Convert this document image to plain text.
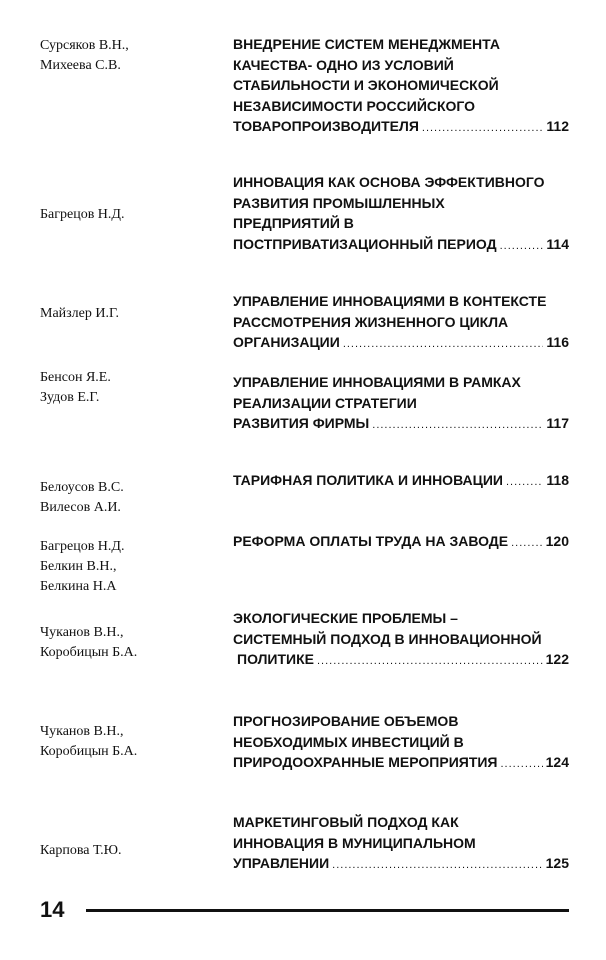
Сурсяков В.Н.,
Михеева С.В.
ВНЕДРЕНИЕ СИСТЕМ МЕНЕДЖМЕНТА
КАЧЕСТВА- ОДНО ИЗ УСЛОВИЙ
СТАБИЛЬНОСТИ И ЭКОНОМИЧЕСКОЙ
НЕЗАВИСИМОСТИ РОССИЙСКОГО
ТОВАРОПРОИЗВОДИТЕЛЯ .....	112
Багрецов Н.Д.
ИННОВАЦИЯ КАК ОСНОВА ЭФФЕКТИВНОГО
РАЗВИТИЯ ПРОМЫШЛЕННЫХ
ПРЕДПРИЯТИЙ В
ПОСТПРИВАТИЗАЦИОННЫЙ ПЕРИОД .....	114
Майзлер И.Г.
УПРАВЛЕНИЕ ИННОВАЦИЯМИ В КОНТЕКСТЕ
РАССМОТРЕНИЯ ЖИЗНЕННОГО ЦИКЛА
ОРГАНИЗАЦИИ .....	116
Бенсон Я.Е.
Зудов Е.Г.
УПРАВЛЕНИЕ ИННОВАЦИЯМИ В РАМКАХ
РЕАЛИЗАЦИИ СТРАТЕГИИ
РАЗВИТИЯ ФИРМЫ .....	117
Белоусов В.С.
Вилесов А.И.
ТАРИФНАЯ ПОЛИТИКА И ИННОВАЦИИ .....	118
Багрецов Н.Д.
Белкин В.Н.,
Белкина Н.А
РЕФОРМА ОПЛАТЫ ТРУДА НА ЗАВОДЕ .....	120
Чуканов В.Н.,
Коробицын Б.А.
ЭКОЛОГИЧЕСКИЕ ПРОБЛЕМЫ –
СИСТЕМНЫЙ ПОДХОД В ИННОВАЦИОННОЙ
ПОЛИТИКЕ .....	122
Чуканов В.Н.,
Коробицын Б.А.
ПРОГНОЗИРОВАНИЕ ОБЪЕМОВ
НЕОБХОДИМЫХ ИНВЕСТИЦИЙ В
ПРИРОДООХРАННЫЕ МЕРОПРИЯТИЯ .....	124
Карпова Т.Ю.
МАРКЕТИНГОВЫЙ ПОДХОД КАК
ИННОВАЦИЯ В МУНИЦИПАЛЬНОМ
УПРАВЛЕНИИ .....	125
14
